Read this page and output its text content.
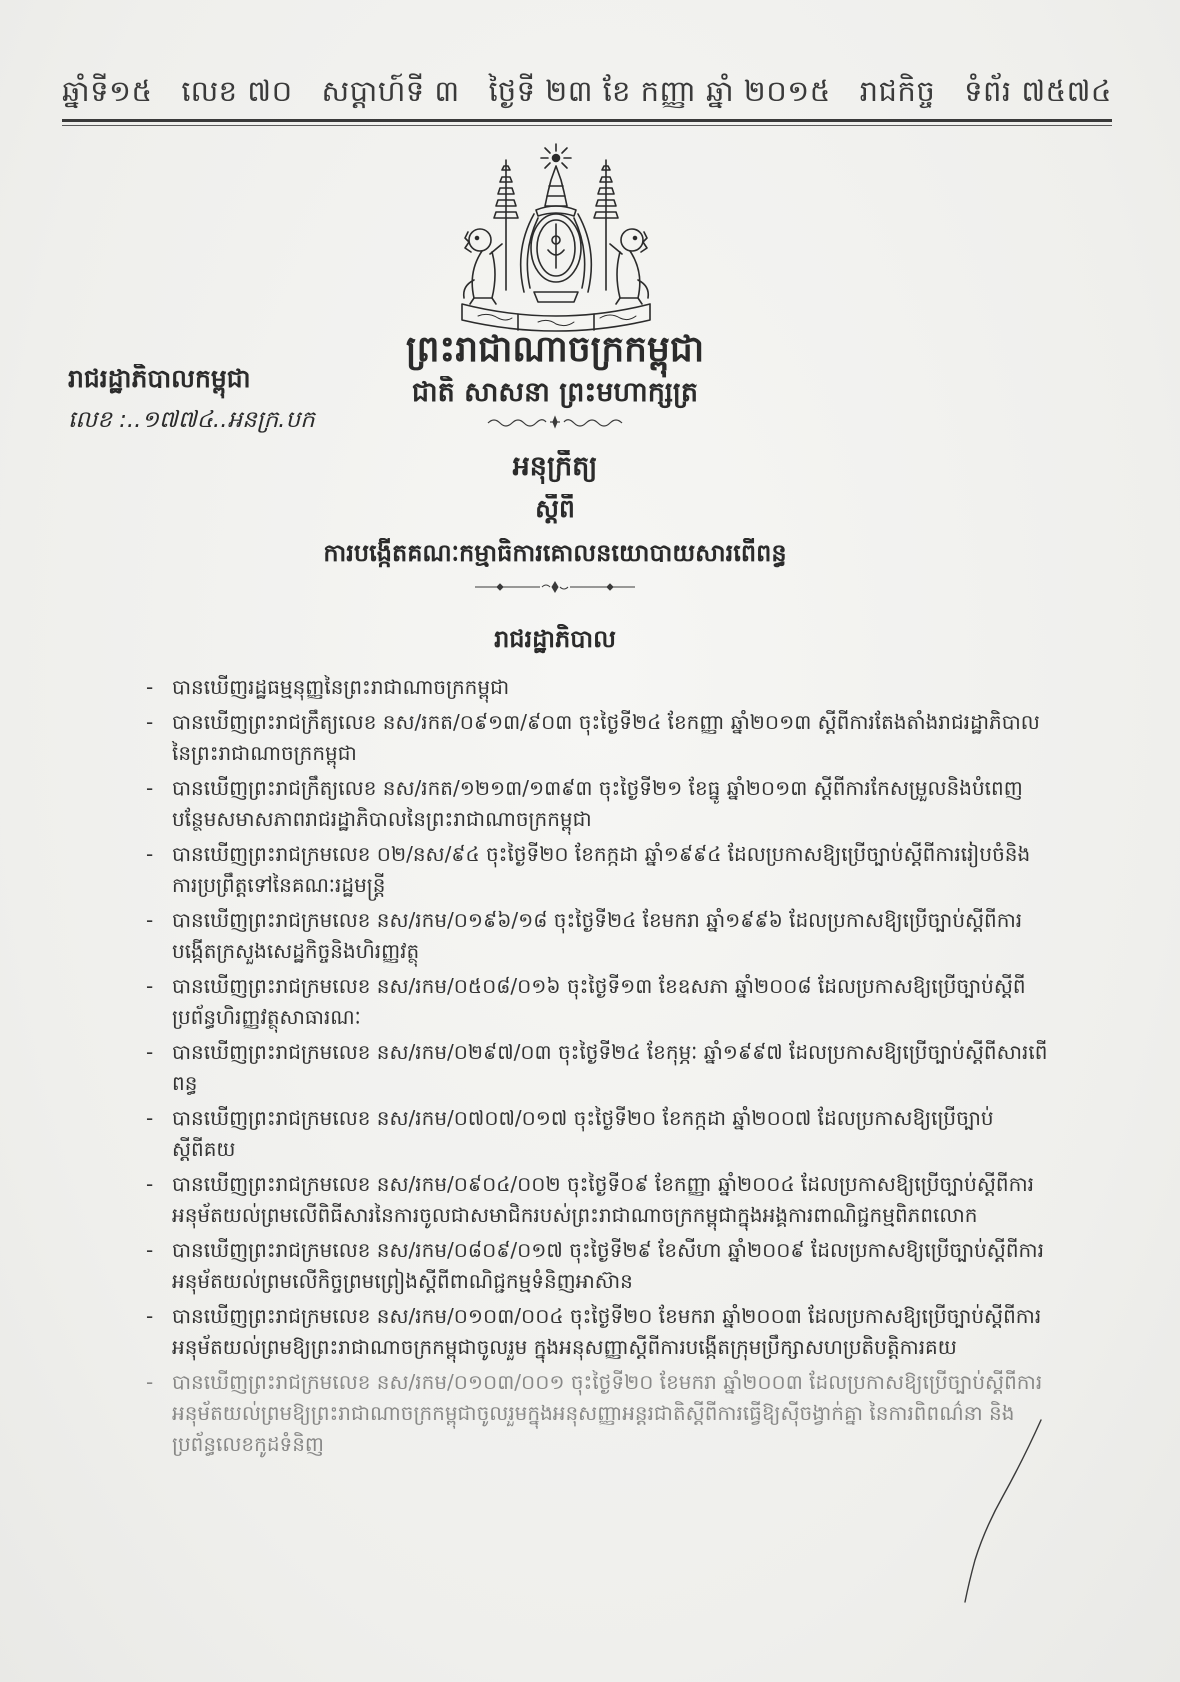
ឆ្នាំទី១៥ លេខ ៧០ សប្តាហ៍ទី ៣ ថ្ងៃទី ២៣ ខែ កញ្ញា ឆ្នាំ ២០១៥ រាជកិច្ច ទំព័រ ៧៥៧៤
ព្រះរាជាណាចក្រកម្ពុជា
ជាតិ សាសនា ព្រះមហាក្សត្រ
រាជរដ្ឋាភិបាលកម្ពុជា
លេខ :..១៧៧៤..អនក្រ.បក
អនុក្រឹត្យ
ស្តីពី
ការបង្កើតគណៈកម្មាធិការគោលនយោបាយសារពើពន្ធ
រាជរដ្ឋាភិបាល
- បានឃើញរដ្ឋធម្មនុញ្ញនៃព្រះរាជាណាចក្រកម្ពុជា
- បានឃើញព្រះរាជក្រឹត្យលេខ នស/រកត/០៩១៣/៩០៣ ចុះថ្ងៃទី២៤ ខែកញ្ញា ឆ្នាំ២០១៣ ស្តីពីការតែងតាំងរាជរដ្ឋាភិបាលនៃព្រះរាជាណាចក្រកម្ពុជា
- បានឃើញព្រះរាជក្រឹត្យលេខ នស/រកត/១២១៣/១៣៩៣ ចុះថ្ងៃទី២១ ខែធ្នូ ឆ្នាំ២០១៣ ស្តីពីការកែសម្រួលនិងបំពេញបន្ថែមសមាសភាពរាជរដ្ឋាភិបាលនៃព្រះរាជាណាចក្រកម្ពុជា
- បានឃើញព្រះរាជក្រមលេខ ០២/នស/៩៤ ចុះថ្ងៃទី២០ ខែកក្កដា ឆ្នាំ១៩៩៤ ដែលប្រកាសឱ្យប្រើច្បាប់ស្តីពីការរៀបចំនិងការប្រព្រឹត្តទៅនៃគណៈរដ្ឋមន្ត្រី
- បានឃើញព្រះរាជក្រមលេខ នស/រកម/០១៩៦/១៨ ចុះថ្ងៃទី២៤ ខែមករា ឆ្នាំ១៩៩៦ ដែលប្រកាសឱ្យប្រើច្បាប់ស្តីពីការបង្កើតក្រសួងសេដ្ឋកិច្ចនិងហិរញ្ញវត្ថុ
- បានឃើញព្រះរាជក្រមលេខ នស/រកម/០៥០៨/០១៦ ចុះថ្ងៃទី១៣ ខែឧសភា ឆ្នាំ២០០៨ ដែលប្រកាសឱ្យប្រើច្បាប់ស្តីពីប្រព័ន្ធហិរញ្ញវត្ថុសាធារណៈ
- បានឃើញព្រះរាជក្រមលេខ នស/រកម/០២៩៧/០៣ ចុះថ្ងៃទី២៤ ខែកុម្ភៈ ឆ្នាំ១៩៩៧ ដែលប្រកាសឱ្យប្រើច្បាប់ស្តីពីសារពើពន្ធ
- បានឃើញព្រះរាជក្រមលេខ នស/រកម/០៧០៧/០១៧ ចុះថ្ងៃទី២០ ខែកក្កដា ឆ្នាំ២០០៧ ដែលប្រកាសឱ្យប្រើច្បាប់ស្តីពីគយ
- បានឃើញព្រះរាជក្រមលេខ នស/រកម/០៩០៤/០០២ ចុះថ្ងៃទី០៩ ខែកញ្ញា ឆ្នាំ២០០៤ ដែលប្រកាសឱ្យប្រើច្បាប់ស្តីពីការអនុម័តយល់ព្រមលើពិធីសារនៃការចូលជាសមាជិករបស់ព្រះរាជាណាចក្រកម្ពុជាក្នុងអង្គការពាណិជ្ជកម្មពិភពលោក
- បានឃើញព្រះរាជក្រមលេខ នស/រកម/០៨០៩/០១៧ ចុះថ្ងៃទី២៩ ខែសីហា ឆ្នាំ២០០៩ ដែលប្រកាសឱ្យប្រើច្បាប់ស្តីពីការអនុម័តយល់ព្រមលើកិច្ចព្រមព្រៀងស្តីពីពាណិជ្ជកម្មទំនិញអាស៊ាន
- បានឃើញព្រះរាជក្រមលេខ នស/រកម/០១០៣/០០៤ ចុះថ្ងៃទី២០ ខែមករា ឆ្នាំ២០០៣ ដែលប្រកាសឱ្យប្រើច្បាប់ស្តីពីការអនុម័តយល់ព្រមឱ្យព្រះរាជាណាចក្រកម្ពុជាចូលរួម ក្នុងអនុសញ្ញាស្តីពីការបង្កើតក្រុមប្រឹក្សាសហប្រតិបត្តិការគយ
- បានឃើញព្រះរាជក្រមលេខ នស/រកម/០១០៣/០០១ ចុះថ្ងៃទី២០ ខែមករា ឆ្នាំ២០០៣ ដែលប្រកាសឱ្យប្រើច្បាប់ស្តីពីការអនុម័តយល់ព្រមឱ្យព្រះរាជាណាចក្រកម្ពុជាចូលរួមក្នុងអនុសញ្ញាអន្តរជាតិស្តីពីការធ្វើឱ្យស៊ីចង្វាក់គ្នា នៃការពិពណ៌នា និងប្រព័ន្ធលេខកូដទំនិញ
